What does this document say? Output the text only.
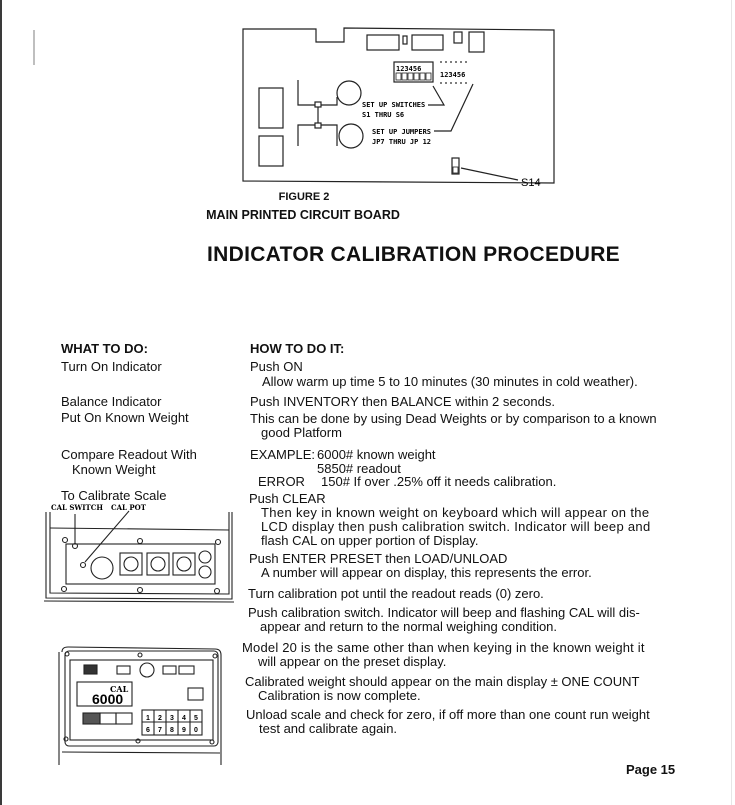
123456
123456
SET UP SWITCHES
S1 THRU S6
SET UP JUMPERS
JP7 THRU JP 12
S14
FIGURE 2
MAIN PRINTED CIRCUIT BOARD
INDICATOR CALIBRATION PROCEDURE
WHAT TO DO:
Turn On Indicator
Balance Indicator
Put On Known Weight
Compare Readout With
Known Weight
To Calibrate Scale
CAL SWITCH CAL POT
CAL
6000
1 2 3 4 5
6 7 8 9 0
HOW TO DO IT:
Push ON
Allow warm up time 5 to 10 minutes (30 minutes in cold weather).
Push INVENTORY then BALANCE within 2 seconds.
This can be done by using Dead Weights or by comparison to a known
good Platform
EXAMPLE: 6000# known weight
5850# readout
ERROR 150# If over .25% off it needs calibration.
Push CLEAR
Then key in known weight on keyboard which will appear on the
LCD display then push calibration switch. Indicator will beep and
flash CAL on upper portion of Display.
Push ENTER PRESET then LOAD/UNLOAD
A number will appear on display, this represents the error.
Turn calibration pot until the readout reads (0) zero.
Push calibration switch. Indicator will beep and flashing CAL will dis-
appear and return to the normal weighing condition.
Model 20 is the same other than when keying in the known weight it
will appear on the preset display.
Calibrated weight should appear on the main display ± ONE COUNT
Calibration is now complete.
Unload scale and check for zero, if off more than one count run weight
test and calibrate again.
Page 15
